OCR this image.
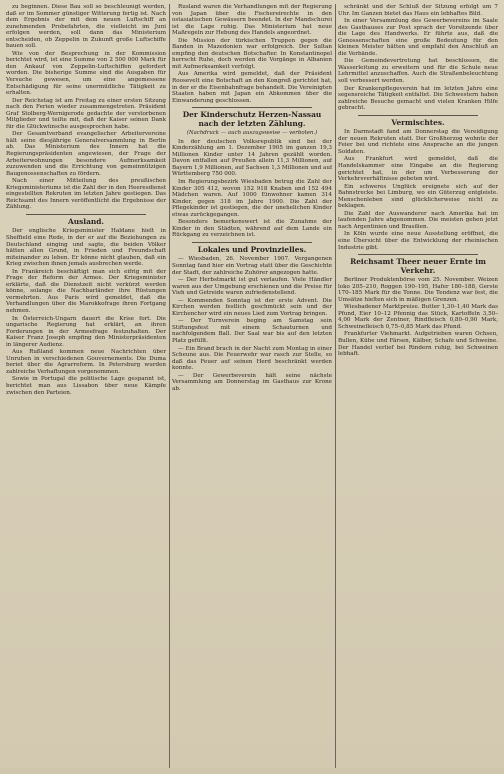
zu beginnen. Diese Bau soll so beschleunigt werden, daß er im Sommer günstiger Witterung fertig ist. Nach dem Ergebnis der mit dem neuen Luftschiff an zunehmenden Probefahrten, die vielleicht im Juni erfolgen werden, soll dann das Ministerium entscheiden, ob Zeppelin in Zukunft große Luftschiffe bauen soll.

Wie von der Besprechung in der Kommission berichtet wird, ist eine Summe von 2 500 000 Mark für den Ankauf von Zeppelin-Luftschiffen gefordert worden. Die bisherige Summe sind die Ausgaben für Versuche gewesen, um eine angemessene Entschädigung für seine unermüdliche Tätigkeit zu erhalten.

Der Reichstag ist am Freitag zu einer ersten Sitzung nach den Ferien wieder zusammengetreten. Präsident Graf Stolberg-Wernigerode gedachte der verstorbenen Mitglieder und teilte mit, daß der Kaiser seinen Dank für die Glückwünsche ausgesprochen habe.

Der Gesamtverband evangelischer Arbeitervereine hält seine diesjährige Generalversammlung in Berlin ab. Das Ministerium des Innern hat die Regierungspräsidenten angewiesen, der Frage der Arbeiterwohnungen besondere Aufmerksamkeit zuzuwenden und die Errichtung von gemeinnützigen Baugenossenschaften zu fördern.

Nach einer Mitteilung des preußischen Kriegsministeriums ist die Zahl der in den Heeresdienst eingestellten Rekruten im letzten Jahre gestiegen. Das Reichsamt des Innern veröffentlicht die Ergebnisse der Zählung.

Ausland.

Der englische Kriegsminister Haldane hielt in Sheffield eine Rede, in der er auf die Beziehungen zu Deutschland einging und sagte, die beiden Völker hätten allen Grund, in Frieden und Freundschaft miteinander zu leben. Er könne nicht glauben, daß ein Krieg zwischen ihnen jemals ausbrechen werde.

In Frankreich beschäftigt man sich eifrig mit der Frage der Reform der Armee. Der Kriegsminister erklärte, daß die Dienstzeit nicht verkürzt werden könne, solange die Nachbarländer ihre Rüstungen vermehrten. Aus Paris wird gemeldet, daß die Verhandlungen über die Marokkofrage ihren Fortgang nehmen.

In Österreich-Ungarn dauert die Krise fort. Die ungarische Regierung hat erklärt, an ihren Forderungen in der Armeefrage festzuhalten. Der Kaiser Franz Joseph empfing den Ministerpräsidenten in längerer Audienz.

Aus Rußland kommen neue Nachrichten über Unruhen in verschiedenen Gouvernements. Die Duma beriet über die Agrarreform. In Petersburg wurden zahlreiche Verhaftungen vorgenommen.

Sowie in Portugal die politische Lage gespannt ist, berichtet man aus Lissabon über neue Kämpfe zwischen den Parteien.

Rusland waren die Verhandlungen mit der Regierung von Japan über die Fischereirechte in den ostasiatischen Gewässern beendet. In der Mandschurei ist die Lage ruhig. Das Ministerium hat neue Maßregeln zur Hebung des Handels angeordnet.

Die Mission der türkischen Truppen gegen die Banden in Mazedonien war erfolgreich. Der Sultan empfing den deutschen Botschafter. In Konstantinopel herrscht Ruhe, doch werden die Vorgänge in Albanien mit Aufmerksamkeit verfolgt.

Aus Amerika wird gemeldet, daß der Präsident Roosevelt eine Botschaft an den Kongreß gerichtet hat, in der er die Eisenbahnfrage behandelt. Die Vereinigten Staaten haben mit Japan ein Abkommen über die Einwanderung geschlossen.

Der Kinderschutz Herzen-Nassau nach der letzten Zählung.
(Nachdruck — auch auszugsweise — verboten.)

In der deutschen Volksrepublik sind bei der Kinderzählung am 1. Dezember 1905 im ganzen 19,3 Millionen Kinder unter 14 Jahren gezählt worden. Davon entfallen auf Preußen allein 11,3 Millionen, auf Bayern 1,9 Millionen, auf Sachsen 1,3 Millionen und auf Württemberg 750 000.

Im Regierungsbezirk Wiesbaden betrug die Zahl der Kinder 305 412, wovon 152 918 Knaben und 152 494 Mädchen waren. Auf 1000 Einwohner kamen 314 Kinder, gegen 318 im Jahre 1900. Die Zahl der Pflegekinder ist gestiegen, die der unehelichen Kinder etwas zurückgegangen.

Besonders bemerkenswert ist die Zunahme der Kinder in den Städten, während auf dem Lande ein Rückgang zu verzeichnen ist.

Lokales und Provinzielles.

— Wiesbaden, 26. November 1907. Vergangenen Sonntag fand hier ein Vortrag statt über die Geschichte der Stadt, der zahlreiche Zuhörer angezogen hatte.

— Der Herbstmarkt ist gut verlaufen. Viele Händler waren aus der Umgebung erschienen und die Preise für Vieh und Getreide waren zufriedenstellend.

— Kommenden Sonntag ist der erste Advent. Die Kirchen werden festlich geschmückt sein und der Kirchenchor wird ein neues Lied zum Vortrag bringen.

— Der Turnverein beging am Samstag sein Stiftungsfest mit einem Schauturnen und nachfolgendem Ball. Der Saal war bis auf den letzten Platz gefüllt.

— Ein Brand brach in der Nacht zum Montag in einer Scheune aus. Die Feuerwehr war rasch zur Stelle, so daß das Feuer auf seinen Herd beschränkt werden konnte.

— Der Gewerbeverein hält seine nächste Versammlung am Donnerstag im Gasthaus zur Krone ab.

schränkt und der Schluß der Sitzung erfolgt um 7 Uhr. Im Ganzen bietet das Haus ein lebhaftes Bild.

In einer Versammlung des Gewerbevereins im Saale des Gasthauses zur Post sprach der Vorsitzende über die Lage des Handwerks. Er führte aus, daß die Genossenschaften eine große Bedeutung für den kleinen Meister hätten und empfahl den Anschluß an die Verbände.

Die Gemeindevertretung hat beschlossen, die Wasserleitung zu erweitern und für die Schule neue Lehrmittel anzuschaffen. Auch die Straßenbeleuchtung soll verbessert werden.

Der Krankenpflegeverein hat im letzten Jahre eine segensreiche Tätigkeit entfaltet. Die Schwestern haben zahlreiche Besuche gemacht und vielen Kranken Hilfe gebracht.

Vermischtes.

In Darmstadt fand am Donnerstag die Vereidigung der neuen Rekruten statt. Der Großherzog wohnte der Feier bei und richtete eine Ansprache an die jungen Soldaten.

Aus Frankfurt wird gemeldet, daß die Handelskammer eine Eingabe an die Regierung gerichtet hat, in der um Verbesserung der Verkehrsverhältnisse gebeten wird.

Ein schweres Unglück ereignete sich auf der Bahnstrecke bei Limburg, wo ein Güterzug entgleiste. Menschenleben sind glücklicherweise nicht zu beklagen.

Die Zahl der Auswanderer nach Amerika hat im laufenden Jahre abgenommen. Die meisten gehen jetzt nach Argentinien und Brasilien.

In Köln wurde eine neue Ausstellung eröffnet, die eine Übersicht über die Entwicklung der rheinischen Industrie gibt.

Reichsamt Theer neuer Ernte im Verkehr.

Berliner Produktenbörse vom 25. November. Weizen loko 205–210, Roggen 190–195, Hafer 180–188, Gerste 170–185 Mark für die Tonne. Die Tendenz war fest, die Umsätze hielten sich in mäßigen Grenzen.

Wiesbadener Marktpreise. Butter 1,30–1,40 Mark das Pfund, Eier 10–12 Pfennig das Stück, Kartoffeln 3,50–4,00 Mark der Zentner, Rindfleisch 0,80–0,90 Mark, Schweinefleisch 0,75–0,85 Mark das Pfund.

Frankfurter Viehmarkt. Aufgetrieben waren Ochsen, Bullen, Kühe und Färsen, Kälber, Schafe und Schweine. Der Handel verlief bei Rindern ruhig, bei Schweinen lebhaft.
